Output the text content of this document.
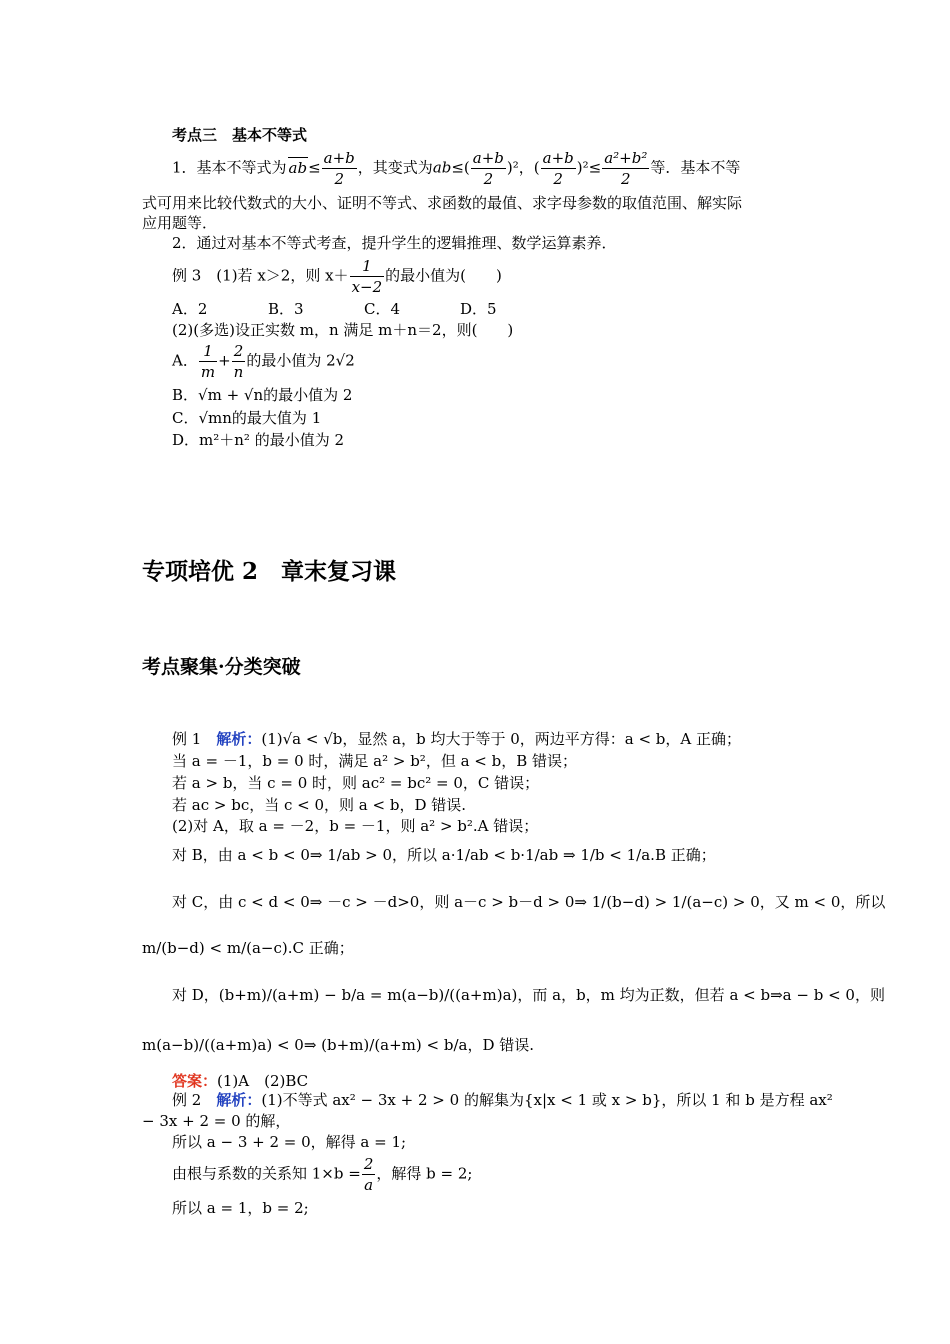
考点三　基本不等式
1．基本不等式为 $ab\le \frac{a+b}{2}$ ，其变式为$ab\le( \frac{a+b}{2} )^2$，( $\frac{a+b}{2} )^2\le \frac{\text{a²+b²}}{2}$ 等．基本不等
式可用来比较代数式的大小、证明不等式、求函数的最值、求字母参数的取值范围、解实际
应用题等．
2．通过对基本不等式考查，提升学生的逻辑推理、数学运算素养．
例 3　(1)若 x＞2，则 $x+ \frac{1}{x-2}$ 的最小值为(　　)
A．2	B．3	C．4	D．5
(2)(多选)设正实数 m，n 满足 m＋n＝2，则(　　)
A． $\frac{1}{m} + \frac{2}{n}$ 的最小值为 2√2
B．√m + √n的最小值为 2
C．√mn的最大值为 1
D．m²＋n² 的最小值为 2
专项培优 2　章末复习课
考点聚集·分类突破
例 1　 解析：(1)√a < √b，显然 a，b 均大于等于 0，两边平方得：a < b，A 正确；
当 a = －1，b = 0 时，满足 a² > b²，但 a < b，B 错误；
若 a > b，当 c = 0 时，则 ac² = bc² = 0，C 错误；
若 ac > bc，当 c < 0，则 a < b，D 错误.
(2)对 A，取 a = －2，b = －1，则 a² > b².A 错误；
对 B，由 a < b < 0⇒ 1/ab > 0，所以 a·1/ab < b·1/ab ⇒ 1/b < 1/a.B 正确；
对 C，由 c < d < 0⇒ －c > －d>0，则 a－c > b－d > 0⇒ 1/(b−d) > 1/(a−c) > 0，又 m < 0，所以
m/(b−d) < m/(a−c).C 正确；
对 D，(b+m)/(a+m) − b/a = m(a−b)/((a+m)a)，而 a，b，m 均为正数，但若 a < b⇒a − b < 0，则
m(a−b)/((a+m)a) < 0⇒ (b+m)/(a+m) < b/a，D 错误.
答案：(1)A　(2)BC
例 2　 解析：(1)不等式 ax² − 3x + 2 > 0 的解集为{x|x < 1 或 x > b}，所以 1 和 b 是方程 ax²
− 3x + 2 = 0 的解，
所以 a − 3 + 2 = 0，解得 a = 1;
由根与系数的关系知 $1\times b = \frac{2}{a}$ ，解得 b = 2;
所以 a = 1，b = 2;
